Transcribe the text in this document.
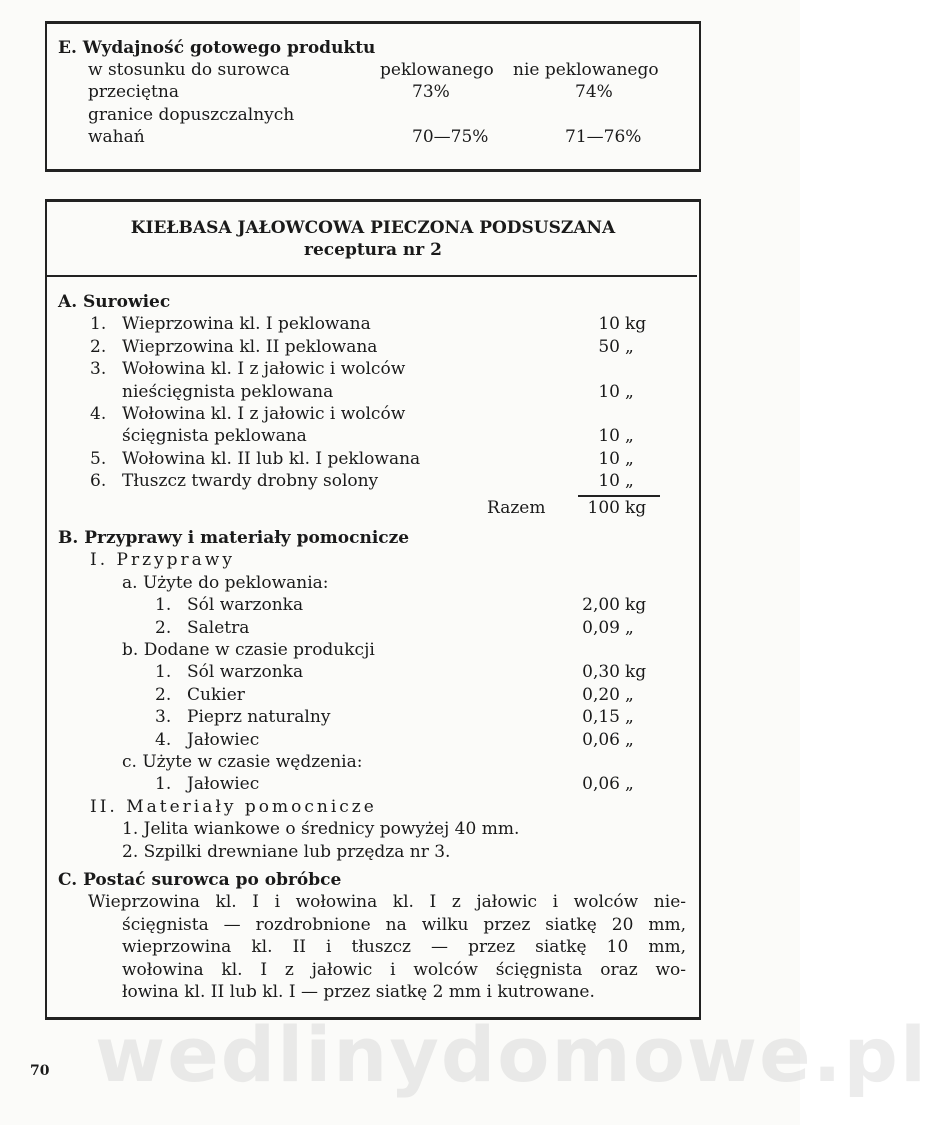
E. Wydajność gotowego produktu
w stosunku do surowca	peklowanego nie peklowanego
przeciętna	73%	74%
granice dopuszczalnych
wahań	70—75%	71—76%
KIEŁBASA JAŁOWCOWA PIECZONA PODSUSZANA
receptura nr 2
A. Surowiec
1. Wieprzowina kl. I peklowana	10 kg
2. Wieprzowina kl. II peklowana	50 „
3. Wołowina kl. I z jałowic i wolców
nieścięgnista peklowana	10 „
4. Wołowina kl. I z jałowic i wolców
ścięgnista peklowana	10 „
5. Wołowina kl. II lub kl. I peklowana	10 „
6. Tłuszcz twardy drobny solony	10 „
Razem 100 kg
B. Przyprawy i materiały pomocnicze
I. Przyprawy
a. Użyte do peklowania:
1. Sól warzonka	2,00 kg
2. Saletra	0,09 „
b. Dodane w czasie produkcji
1. Sól warzonka	0,30 kg
2. Cukier	0,20 „
3. Pieprz naturalny	0,15 „
4. Jałowiec	0,06 „
c. Użyte w czasie wędzenia:
1. Jałowiec	0,06 „
II. Materiały pomocnicze
1. Jelita wiankowe o średnicy powyżej 40 mm.
2. Szpilki drewniane lub przędza nr 3.
C. Postać surowca po obróbce
Wieprzowina kl. I i wołowina kl. I z jałowic i wolców nie-
ścięgnista — rozdrobnione na wilku przez siatkę 20 mm,
wieprzowina kl. II i tłuszcz — przez siatkę 10 mm,
wołowina kl. I z jałowic i wolców ścięgnista oraz wo-
łowina kl. II lub kl. I — przez siatkę 2 mm i kutrowane.
70 wedlinydomowe.pl
